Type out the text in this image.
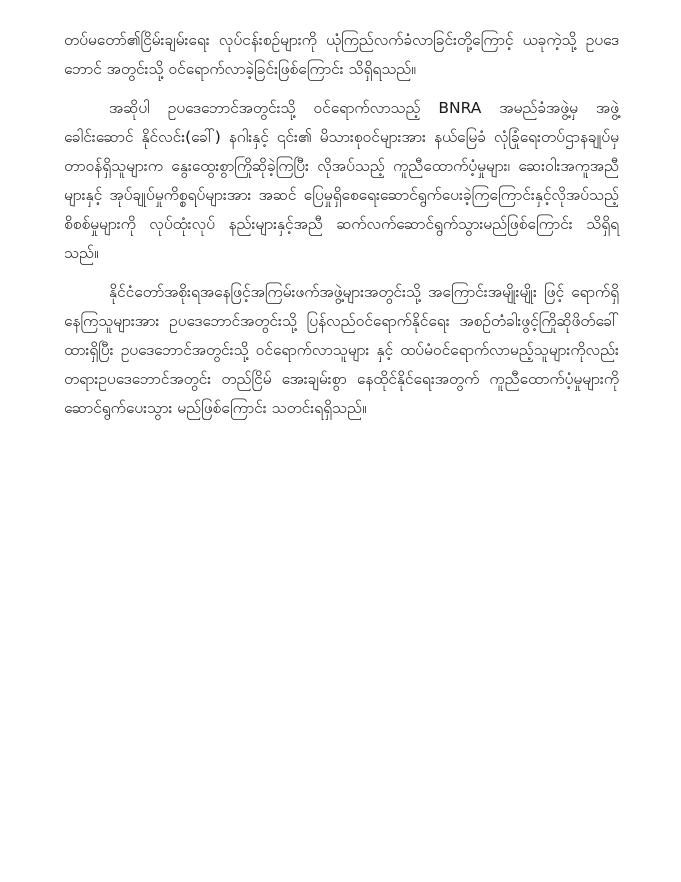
တပ်မတော်၏ငြိမ်းချမ်းရေး လုပ်ငန်းစဉ်များကို ယုံကြည်လက်ခံလာခြင်းတို့ကြောင့် ယခုကဲ့သို့ ဥပဒေဘောင် အတွင်းသို့ ဝင်ရောက်လာခဲ့ခြင်းဖြစ်ကြောင်း သိရှိရသည်။

အဆိုပါ ဥပဒေဘောင်အတွင်းသို့ ဝင်ရောက်လာသည့် BNRA အမည်ခံအဖွဲ့မှ အဖွဲ့ခေါင်းဆောင် နိုင်လင်း(ခေါ်) နဂါးနှင့် ၎င်း၏ မိသားစုဝင်များအား နယ်မြေခံ လုံခြုံရေးတပ်ဌာနချုပ်မှ တာဝန်ရှိသူများက နွေးထွေးစွာကြိုဆိုခဲ့ကြပြီး လိုအပ်သည့် ကူညီထောက်ပံ့မှုများ၊ ဆေးဝါးအကူအညီများနှင့် အုပ်ချုပ်မှုကိစ္စရပ်များအား အဆင် ပြေမှုရှိစေရေးဆောင်ရွက်ပေးခဲ့ကြကြောင်းနှင့်လိုအပ်သည့် စိစစ်မှုများကို လုပ်ထုံးလုပ် နည်းများနှင့်အညီ ဆက်လက်ဆောင်ရွက်သွားမည်ဖြစ်ကြောင်း သိရှိရ သည်။

နိုင်ငံတော်အစိုးရအနေဖြင့်အကြမ်းဖက်အဖွဲ့များအတွင်းသို့ အကြောင်းအမျိုးမျိုး ဖြင့် ရောက်ရှိနေကြသူများအား ဥပဒေဘောင်အတွင်းသို့ ပြန်လည်ဝင်ရောက်နိုင်ရေး အစဉ်တံခါးဖွင့်ကြိုဆိုဖိတ်ခေါ် ထားရှိပြီး ဥပဒေဘောင်အတွင်းသို့ ဝင်ရောက်လာသူများ နှင့် ထပ်မံဝင်ရောက်လာမည့်သူများကိုလည်း တရားဥပဒေဘောင်အတွင်း တည်ငြိမ် အေးချမ်းစွာ နေထိုင်နိုင်ရေးအတွက် ကူညီထောက်ပံ့မှုများကို ဆောင်ရွက်ပေးသွား မည်ဖြစ်ကြောင်း သတင်းရရှိသည်။
